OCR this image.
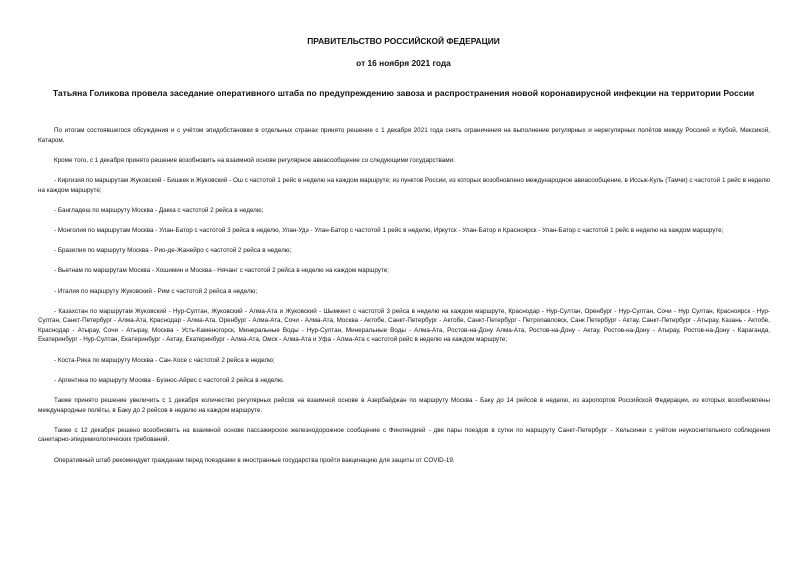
ПРАВИТЕЛЬСТВО РОССИЙСКОЙ ФЕДЕРАЦИИ
от 16 ноября 2021 года
Татьяна Голикова провела заседание оперативного штаба по предупреждению завоза и распространения новой коронавирусной инфекции на территории России

По итогам состоявшегося обсуждения и с учётом эпидобстановки в отдельных странах принято решение с 1 декабря 2021 года снять ограничения на выполнение регулярных и нерегулярных полётов между Россией и Кубой, Мексикой, Катаром.

Кроме того, с 1 декабря принято решение возобновить на взаимной основе регулярное авиасообщение со следующими государствами:

- Киргизия по маршрутам Жуковский - Бишкек и Жуковский - Ош с частотой 1 рейс в неделю на каждом маршруте; из пунктов России, из которых возобновлено международное авиасообщение, в Иссык-Куль (Тамчи) с частотой 1 рейс в неделю на каждом маршруте;

- Бангладеш по маршруту Москва - Дакка с частотой 2 рейса в неделю;

- Монголия по маршрутам Москва - Улан-Батор с частотой 3 рейса в неделю, Улан-Удэ - Улан-Батор с частотой 1 рейс в неделю, Иркутск - Улан-Батор и Красноярск - Улан-Батор с частотой 1 рейс в неделю на каждом маршруте;

- Бразилия по маршруту Москва - Рио-де-Жанейро с частотой 2 рейса в неделю;

- Вьетнам по маршрутам Москва - Хошимин и Москва - Нячанг с частотой 2 рейса в неделю на каждом маршруте;

- Италия по маршруту Жуковский - Рим с частотой 2 рейса в неделю;

- Казахстан по маршрутам Жуковский - Нур-Султан, Жуковский - Алма-Ата и Жуковский - Шымкент с частотой 3 рейса в неделю на каждом маршруте, Краснодар - Нур-Султан, Оренбург - Нур-Султан, Сочи - Нур Султан, Красноярск - Нур-Султан, Санкт-Петербург - Алма-Ата, Краснодар - Алма-Ата, Оренбург - Алма-Ата, Сочи - Алма-Ата, Москва - Актобе, Санкт-Петербург - Актобе, Санкт-Петербург - Петропавловск, Санк Петербург - Актау, Санкт-Петербург - Атырау, Казань - Актобе, Краснодар - Атырау, Сочи - Атырау, Москва - Усть-Каменогорск, Минеральные Воды - Нур-Султан, Минеральные Воды - Алма-Ата, Ростов-на-Дону Алма-Ата, Ростов-на-Дону - Актау, Ростов-на-Дону - Атырау, Ростов-на-Дону - Караганда, Екатеринбург - Нур-Султан, Екатеринбург - Актау, Екатеринбург - Алма-Ата, Омск - Алма-Ата и Уфа - Алма-Ата с частотой рейс в неделю на каждом маршруте;

- Коста-Рика по маршруту Москва - Сан-Хосе с частотой 2 рейса в неделю;

- Аргентина по маршруту Москва - Буэнос-Айрес с частотой 2 рейса в неделю.

Также принято решение увеличить с 1 декабря количество регулярных рейсов на взаимной основе в Азербайджан по маршруту Москва - Баку до 14 рейсов в неделю, из аэропортов Российской Федерации, из которых возобновлены международные полёты, в Баку до 2 рейсов в неделю на каждом маршруте.

Также с 12 декабря решено возобновить на взаимной основе пассажирское железнодорожное сообщение с Финляндией - две пары поездов в сутки по маршруту Санкт-Петербург - Хельсинки с учётом неукоснительного соблюдения санитарно-эпидемиологических требований.

Оперативный штаб рекомендует гражданам перед поездками в иностранные государства пройти вакцинацию для защиты от COVID-19.
